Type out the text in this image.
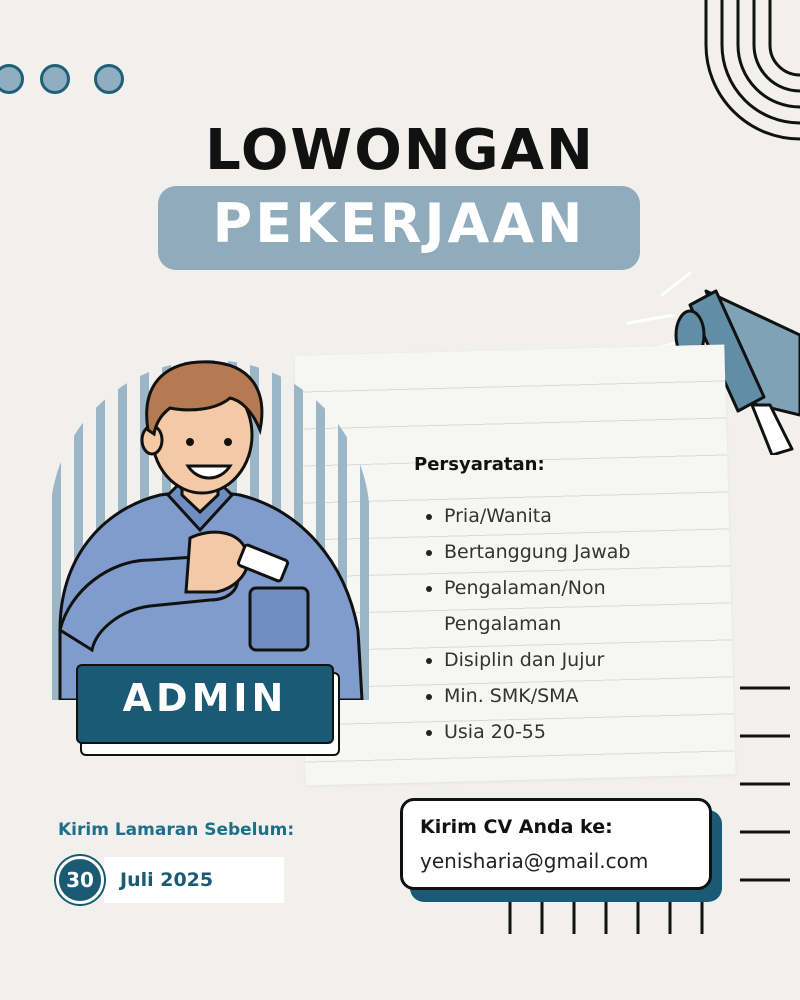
LOWONGAN
PEKERJAAN
ADMIN
Persyaratan:
Pria/Wanita
Bertanggung Jawab
Pengalaman/Non Pengalaman
Disiplin dan Jujur
Min. SMK/SMA
Usia 20-55
Kirim Lamaran Sebelum:
30	Juli 2025
Kirim CV Anda ke:
yenisharia@gmail.com
